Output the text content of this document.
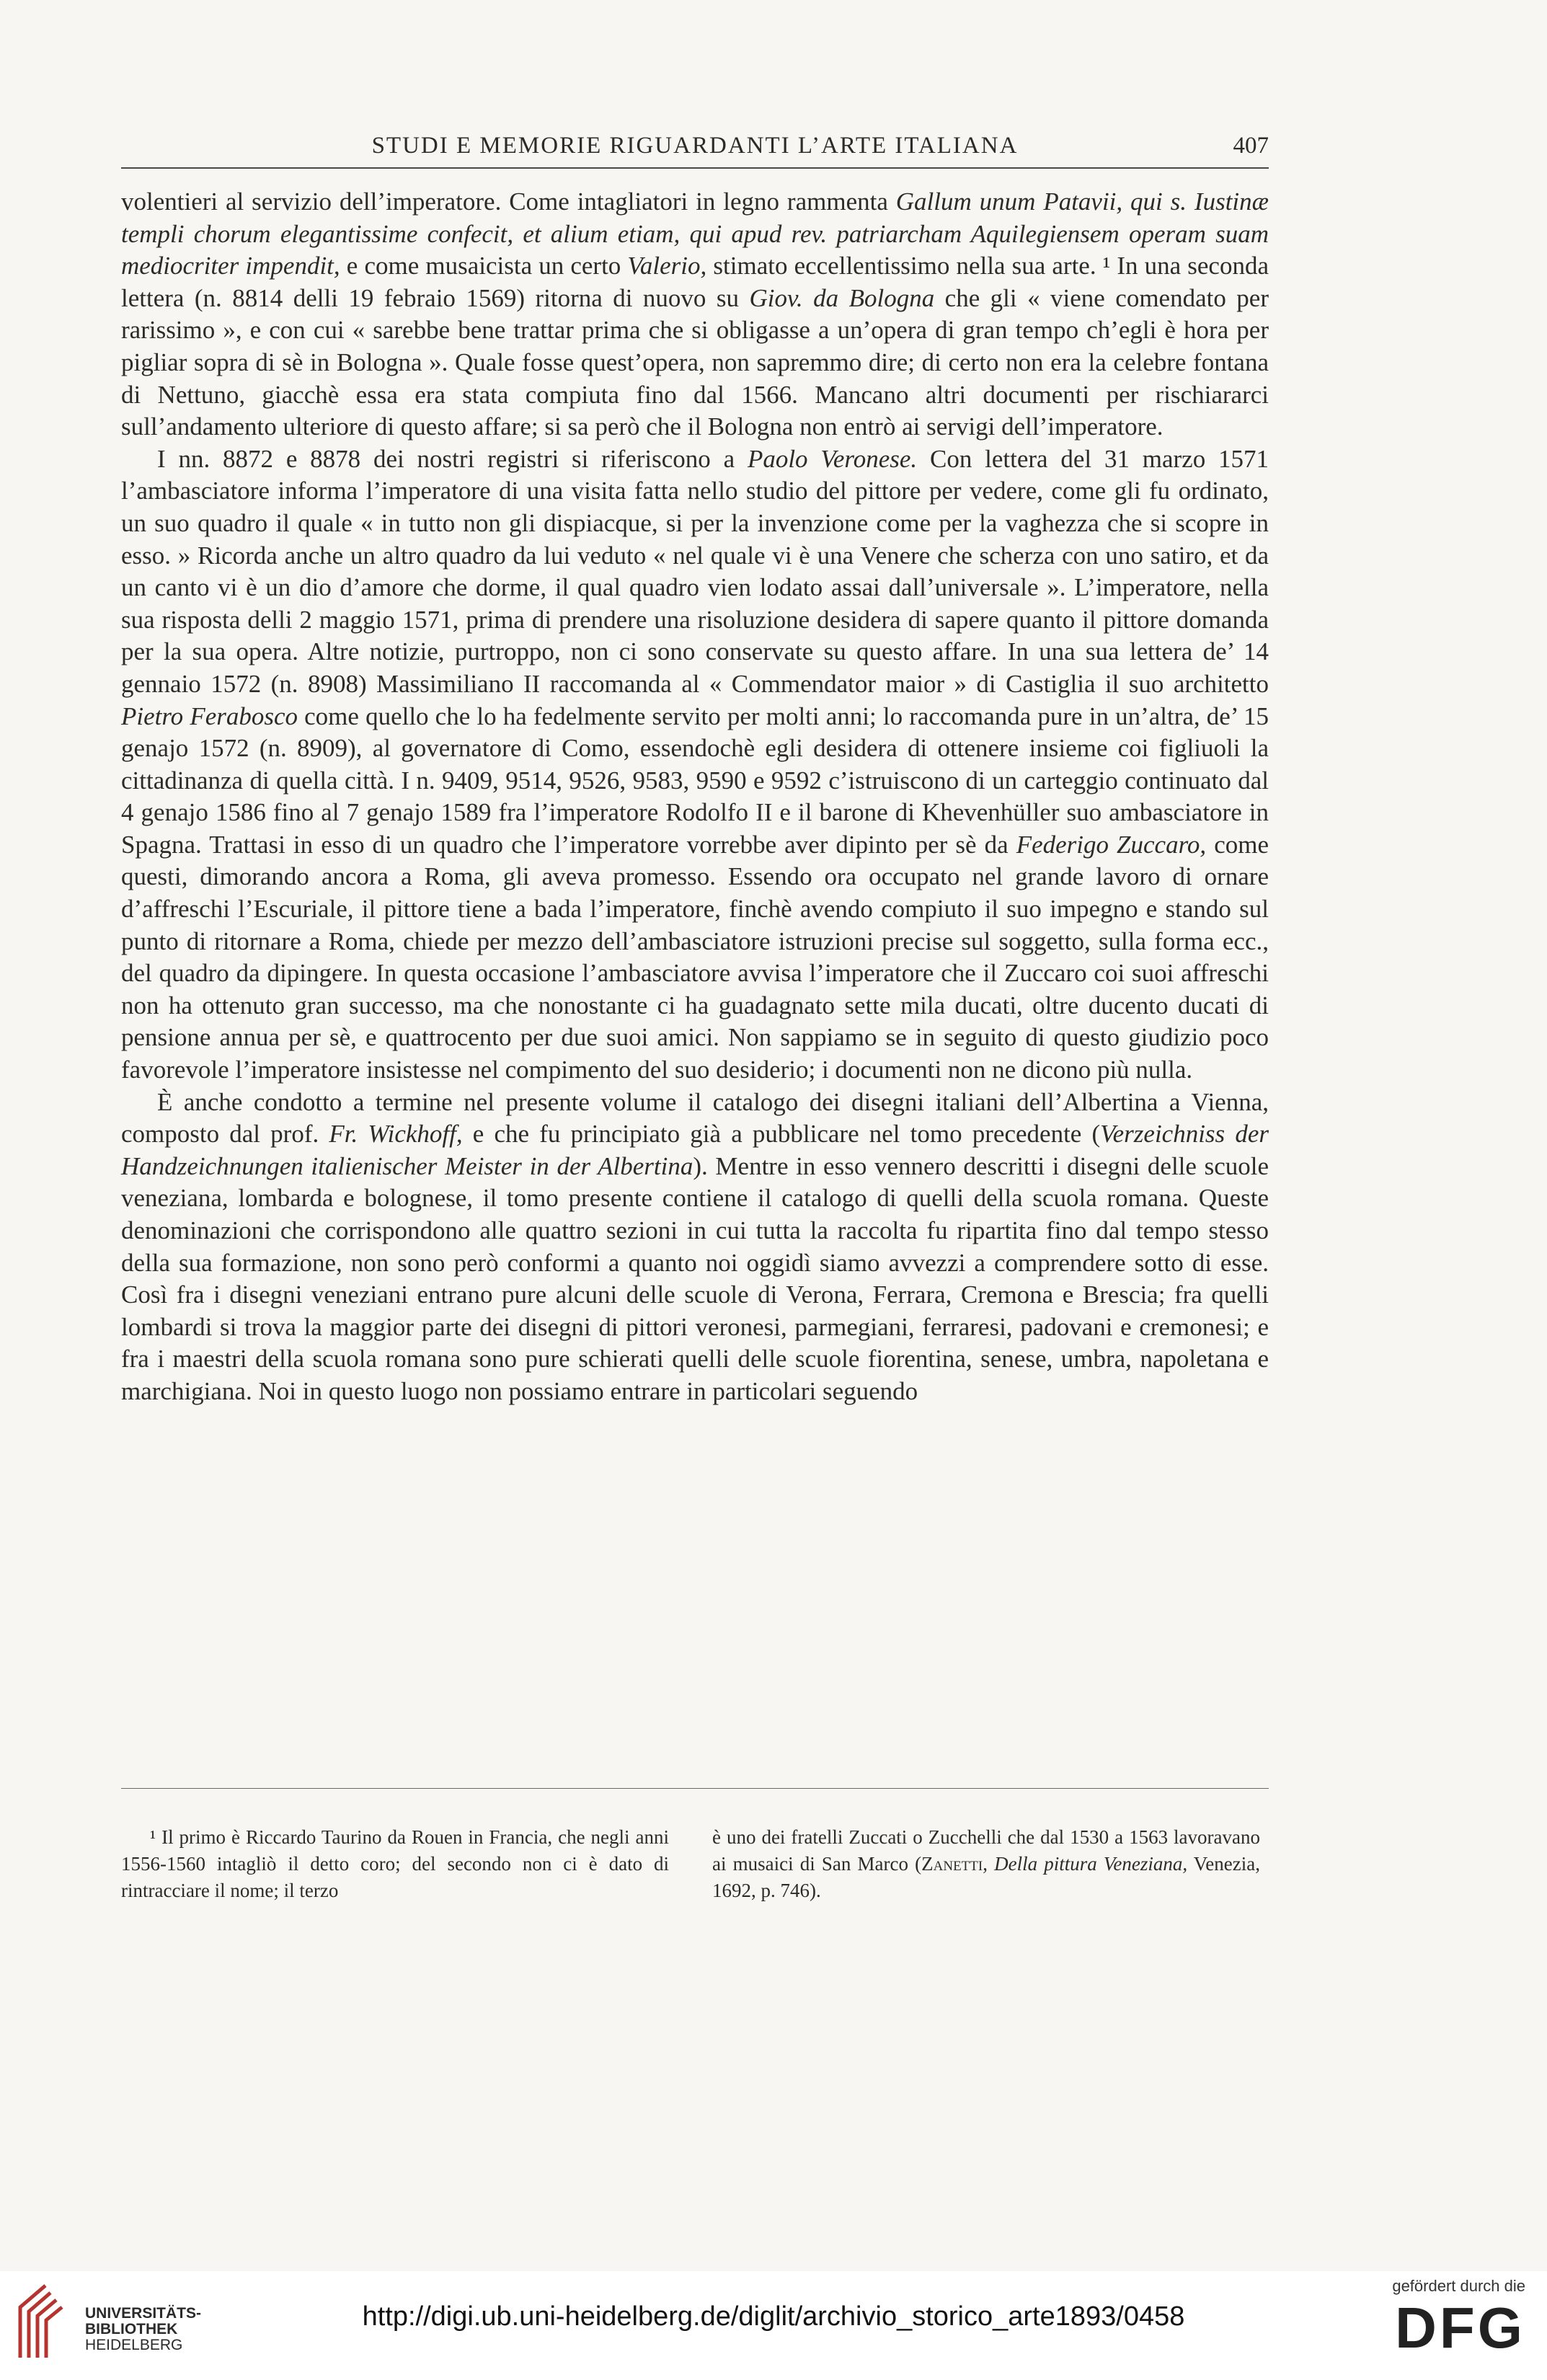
STUDI E MEMORIE RIGUARDANTI L’ARTE ITALIANA	407

volentieri al servizio dell’imperatore. Come intagliatori in legno rammenta Gallum unum Patavii, qui s. Iustinæ templi chorum elegantissime confecit, et alium etiam, qui apud rev. patriarcham Aquilegiensem operam suam mediocriter impendit, e come musaicista un certo Valerio, stimato eccellentissimo nella sua arte. ¹ In una seconda lettera (n. 8814 delli 19 febraio 1569) ritorna di nuovo su Giov. da Bologna che gli « viene comendato per rarissimo », e con cui « sarebbe bene trattar prima che si obligasse a un’opera di gran tempo ch’egli è hora per pigliar sopra di sè in Bologna ». Quale fosse quest’opera, non sapremmo dire; di certo non era la celebre fontana di Nettuno, giacchè essa era stata compiuta fino dal 1566. Mancano altri documenti per rischiararci sull’andamento ulteriore di questo affare; si sa però che il Bologna non entrò ai servigi dell’imperatore.

I nn. 8872 e 8878 dei nostri registri si riferiscono a Paolo Veronese. Con lettera del 31 marzo 1571 l’ambasciatore informa l’imperatore di una visita fatta nello studio del pittore per vedere, come gli fu ordinato, un suo quadro il quale « in tutto non gli dispiacque, si per la invenzione come per la vaghezza che si scopre in esso. » Ricorda anche un altro quadro da lui veduto « nel quale vi è una Venere che scherza con uno satiro, et da un canto vi è un dio d’amore che dorme, il qual quadro vien lodato assai dall’universale ». L’imperatore, nella sua risposta delli 2 maggio 1571, prima di prendere una risoluzione desidera di sapere quanto il pittore domanda per la sua opera. Altre notizie, purtroppo, non ci sono conservate su questo affare. In una sua lettera de’ 14 gennaio 1572 (n. 8908) Massimiliano II raccomanda al « Commendator maior » di Castiglia il suo architetto Pietro Ferabosco come quello che lo ha fedelmente servito per molti anni; lo raccomanda pure in un’altra, de’ 15 genajo 1572 (n. 8909), al governatore di Como, essendochè egli desidera di ottenere insieme coi figliuoli la cittadinanza di quella città. I n. 9409, 9514, 9526, 9583, 9590 e 9592 c’istruiscono di un carteggio continuato dal 4 genajo 1586 fino al 7 genajo 1589 fra l’imperatore Rodolfo II e il barone di Khevenhüller suo ambasciatore in Spagna. Trattasi in esso di un quadro che l’imperatore vorrebbe aver dipinto per sè da Federigo Zuccaro, come questi, dimorando ancora a Roma, gli aveva promesso. Essendo ora occupato nel grande lavoro di ornare d’affreschi l’Escuriale, il pittore tiene a bada l’imperatore, finchè avendo compiuto il suo impegno e stando sul punto di ritornare a Roma, chiede per mezzo dell’ambasciatore istruzioni precise sul soggetto, sulla forma ecc., del quadro da dipingere. In questa occasione l’ambasciatore avvisa l’imperatore che il Zuccaro coi suoi affreschi non ha ottenuto gran successo, ma che nonostante ci ha guadagnato sette mila ducati, oltre ducento ducati di pensione annua per sè, e quattrocento per due suoi amici. Non sappiamo se in seguito di questo giudizio poco favorevole l’imperatore insistesse nel compimento del suo desiderio; i documenti non ne dicono più nulla.

È anche condotto a termine nel presente volume il catalogo dei disegni italiani dell’Albertina a Vienna, composto dal prof. Fr. Wickhoff, e che fu principiato già a pubblicare nel tomo precedente (Verzeichniss der Handzeichnungen italienischer Meister in der Albertina). Mentre in esso vennero descritti i disegni delle scuole veneziana, lombarda e bolognese, il tomo presente contiene il catalogo di quelli della scuola romana. Queste denominazioni che corrispondono alle quattro sezioni in cui tutta la raccolta fu ripartita fino dal tempo stesso della sua formazione, non sono però conformi a quanto noi oggidì siamo avvezzi a comprendere sotto di esse. Così fra i disegni veneziani entrano pure alcuni delle scuole di Verona, Ferrara, Cremona e Brescia; fra quelli lombardi si trova la maggior parte dei disegni di pittori veronesi, parmegiani, ferraresi, padovani e cremonesi; e fra i maestri della scuola romana sono pure schierati quelli delle scuole fiorentina, senese, umbra, napoletana e marchigiana. Noi in questo luogo non possiamo entrare in particolari seguendo

¹ Il primo è Riccardo Taurino da Rouen in Francia, che negli anni 1556-1560 intagliò il detto coro; del secondo non ci è dato di rintracciare il nome; il terzo

è uno dei fratelli Zuccati o Zucchelli che dal 1530 a 1563 lavoravano ai musaici di San Marco (Zanetti, Della pittura Veneziana, Venezia, 1692, p. 746).

UNIVERSITÄTS-
BIBLIOTHEK
HEIDELBERG
http://digi.ub.uni-heidelberg.de/diglit/archivio_storico_arte1893/0458
gefördert durch die
DFG
